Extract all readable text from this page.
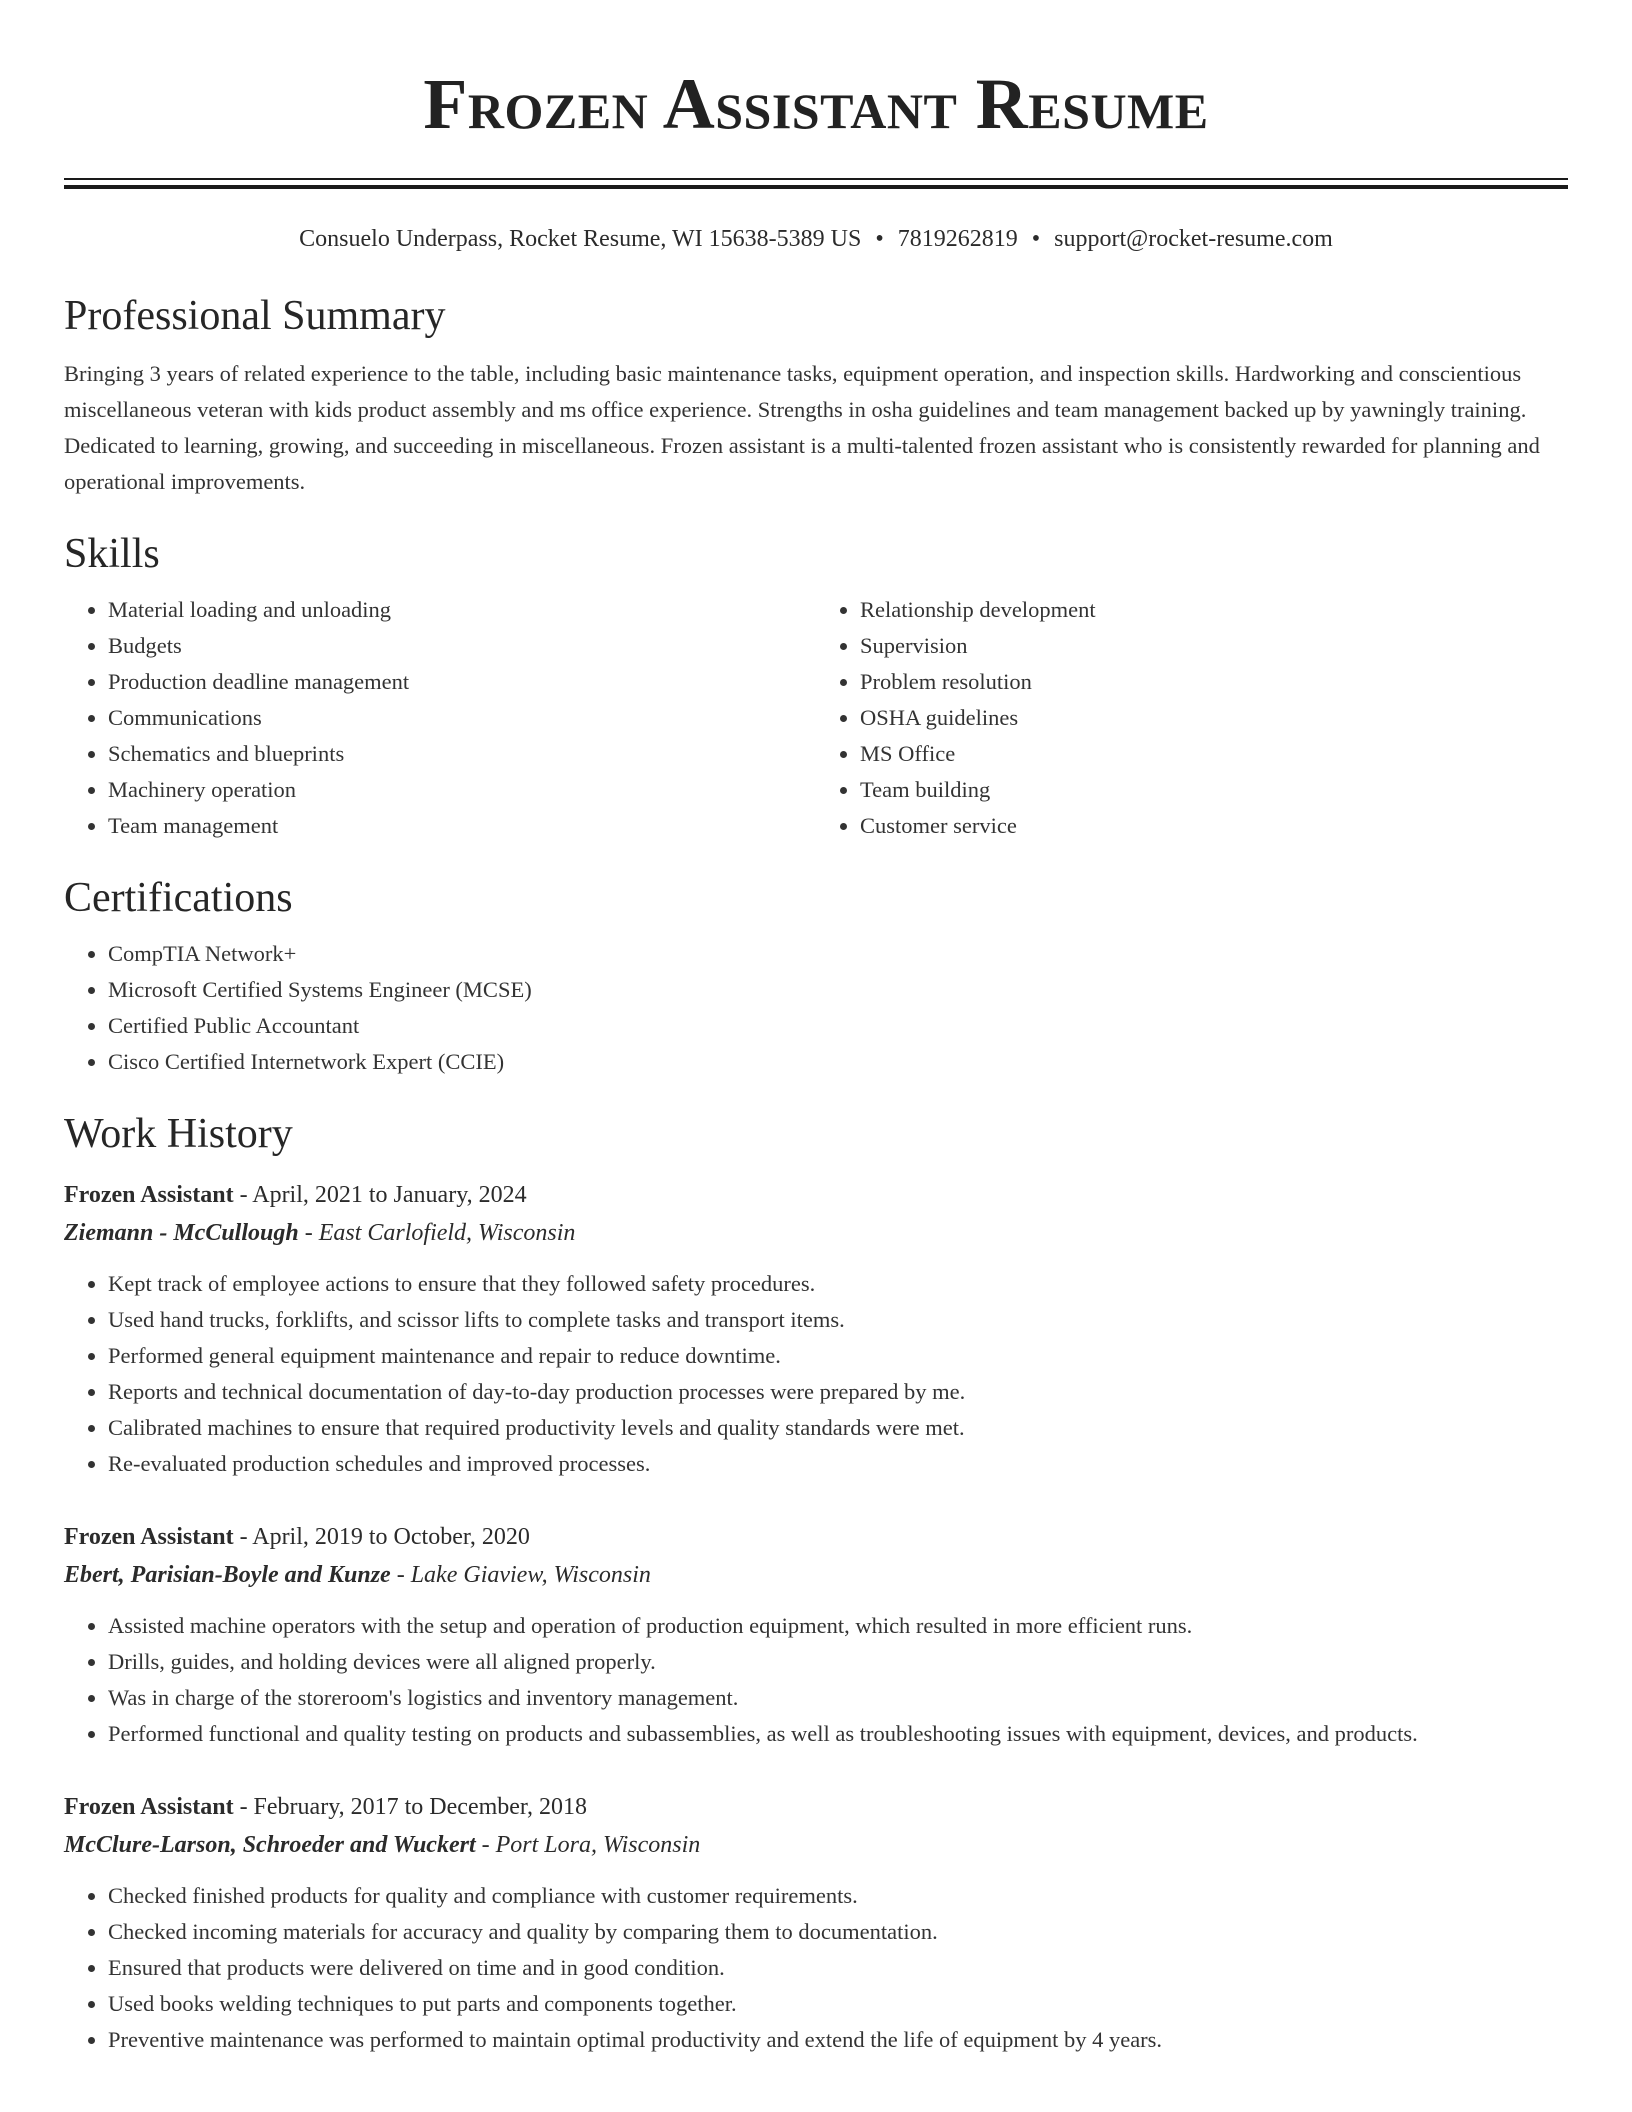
Frozen Assistant Resume
Consuelo Underpass, Rocket Resume, WI 15638-5389 US • 7819262819 • support@rocket-resume.com
Professional Summary
Bringing 3 years of related experience to the table, including basic maintenance tasks, equipment operation, and inspection skills. Hardworking and conscientious miscellaneous veteran with kids product assembly and ms office experience. Strengths in osha guidelines and team management backed up by yawningly training. Dedicated to learning, growing, and succeeding in miscellaneous. Frozen assistant is a multi-talented frozen assistant who is consistently rewarded for planning and operational improvements.
Skills
• Material loading and unloading
• Budgets
• Production deadline management
• Communications
• Schematics and blueprints
• Machinery operation
• Team management
• Relationship development
• Supervision
• Problem resolution
• OSHA guidelines
• MS Office
• Team building
• Customer service
Certifications
• CompTIA Network+
• Microsoft Certified Systems Engineer (MCSE)
• Certified Public Accountant
• Cisco Certified Internetwork Expert (CCIE)
Work History
Frozen Assistant - April, 2021 to January, 2024
Ziemann - McCullough - East Carlofield, Wisconsin
• Kept track of employee actions to ensure that they followed safety procedures.
• Used hand trucks, forklifts, and scissor lifts to complete tasks and transport items.
• Performed general equipment maintenance and repair to reduce downtime.
• Reports and technical documentation of day-to-day production processes were prepared by me.
• Calibrated machines to ensure that required productivity levels and quality standards were met.
• Re-evaluated production schedules and improved processes.
Frozen Assistant - April, 2019 to October, 2020
Ebert, Parisian-Boyle and Kunze - Lake Giaview, Wisconsin
• Assisted machine operators with the setup and operation of production equipment, which resulted in more efficient runs.
• Drills, guides, and holding devices were all aligned properly.
• Was in charge of the storeroom's logistics and inventory management.
• Performed functional and quality testing on products and subassemblies, as well as troubleshooting issues with equipment, devices, and products.
Frozen Assistant - February, 2017 to December, 2018
McClure-Larson, Schroeder and Wuckert - Port Lora, Wisconsin
• Checked finished products for quality and compliance with customer requirements.
• Checked incoming materials for accuracy and quality by comparing them to documentation.
• Ensured that products were delivered on time and in good condition.
• Used books welding techniques to put parts and components together.
• Preventive maintenance was performed to maintain optimal productivity and extend the life of equipment by 4 years.
